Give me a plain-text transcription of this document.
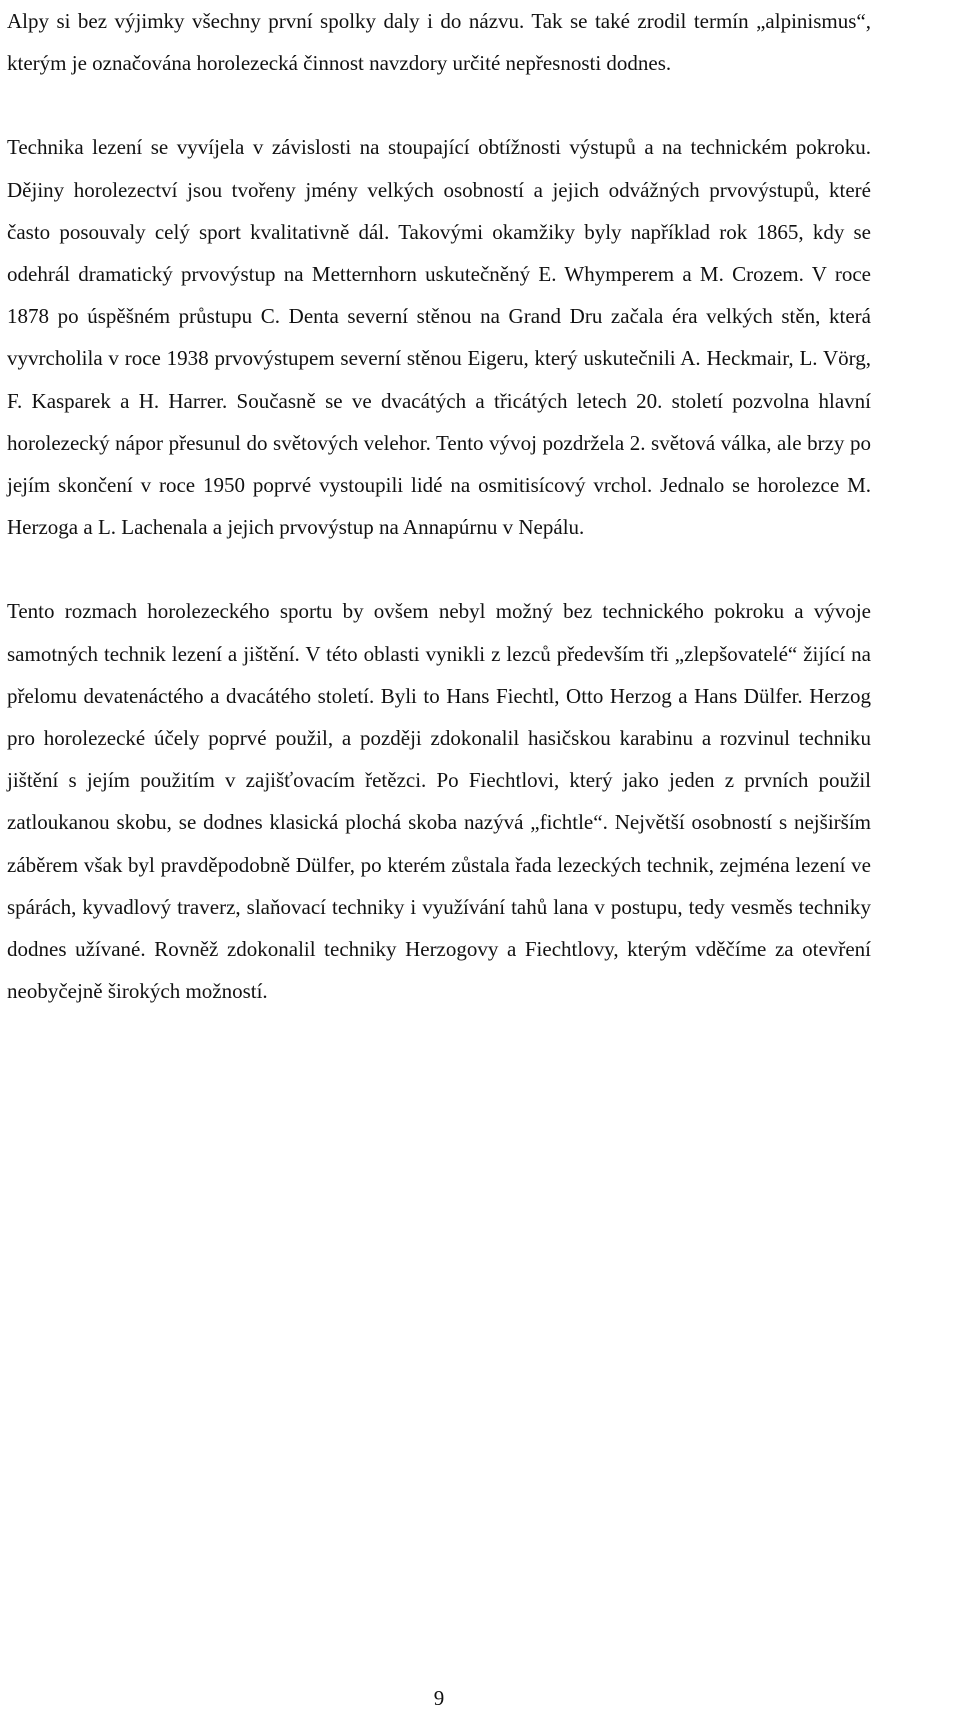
Alpy si bez výjimky všechny první spolky daly i do názvu. Tak se také zrodil termín „alpinismus“, kterým je označována horolezecká činnost navzdory určité nepřesnosti dodnes.

Technika lezení se vyvíjela v závislosti na stoupající obtížnosti výstupů a na technickém pokroku. Dějiny horolezectví jsou tvořeny jmény velkých osobností a jejich odvážných prvovýstupů, které často posouvaly celý sport kvalitativně dál. Takovými okamžiky byly například rok 1865, kdy se odehrál dramatický prvovýstup na Metternhorn uskutečněný E. Whymperem a M. Crozem. V roce 1878 po úspěšném průstupu C. Denta severní stěnou na Grand Dru začala éra velkých stěn, která vyvrcholila v roce 1938 prvovýstupem severní stěnou Eigeru, který uskutečnili A. Heckmair, L. Vörg, F. Kasparek a H. Harrer. Současně se ve dvacátých a třicátých letech 20. století pozvolna hlavní horolezecký nápor přesunul do světových velehor. Tento vývoj pozdržela 2. světová válka, ale brzy po jejím skončení v roce 1950 poprvé vystoupili lidé na osmitisícový vrchol. Jednalo se horolezce M. Herzoga a L. Lachenala a jejich prvovýstup na Annapúrnu v Nepálu.

Tento rozmach horolezeckého sportu by ovšem nebyl možný bez technického pokroku a vývoje samotných technik lezení a jištění. V této oblasti vynikli z lezců především tři „zlepšovatelé“ žijící na přelomu devatenáctého a dvacátého století. Byli to Hans Fiechtl, Otto Herzog a Hans Dülfer. Herzog pro horolezecké účely poprvé použil, a později zdokonalil hasičskou karabinu a rozvinul techniku jištění s jejím použitím v zajišťovacím řetězci. Po Fiechtlovi, který jako jeden z prvních použil zatloukanou skobu, se dodnes klasická plochá skoba nazývá „fichtle“. Největší osobností s nejširším záběrem však byl pravděpodobně Dülfer, po kterém zůstala řada lezeckých technik, zejména lezení ve spárách, kyvadlový traverz, slaňovací techniky i využívání tahů lana v postupu, tedy vesměs techniky dodnes užívané. Rovněž zdokonalil techniky Herzogovy a Fiechtlovy, kterým vděčíme za otevření neobyčejně širokých možností.

9
